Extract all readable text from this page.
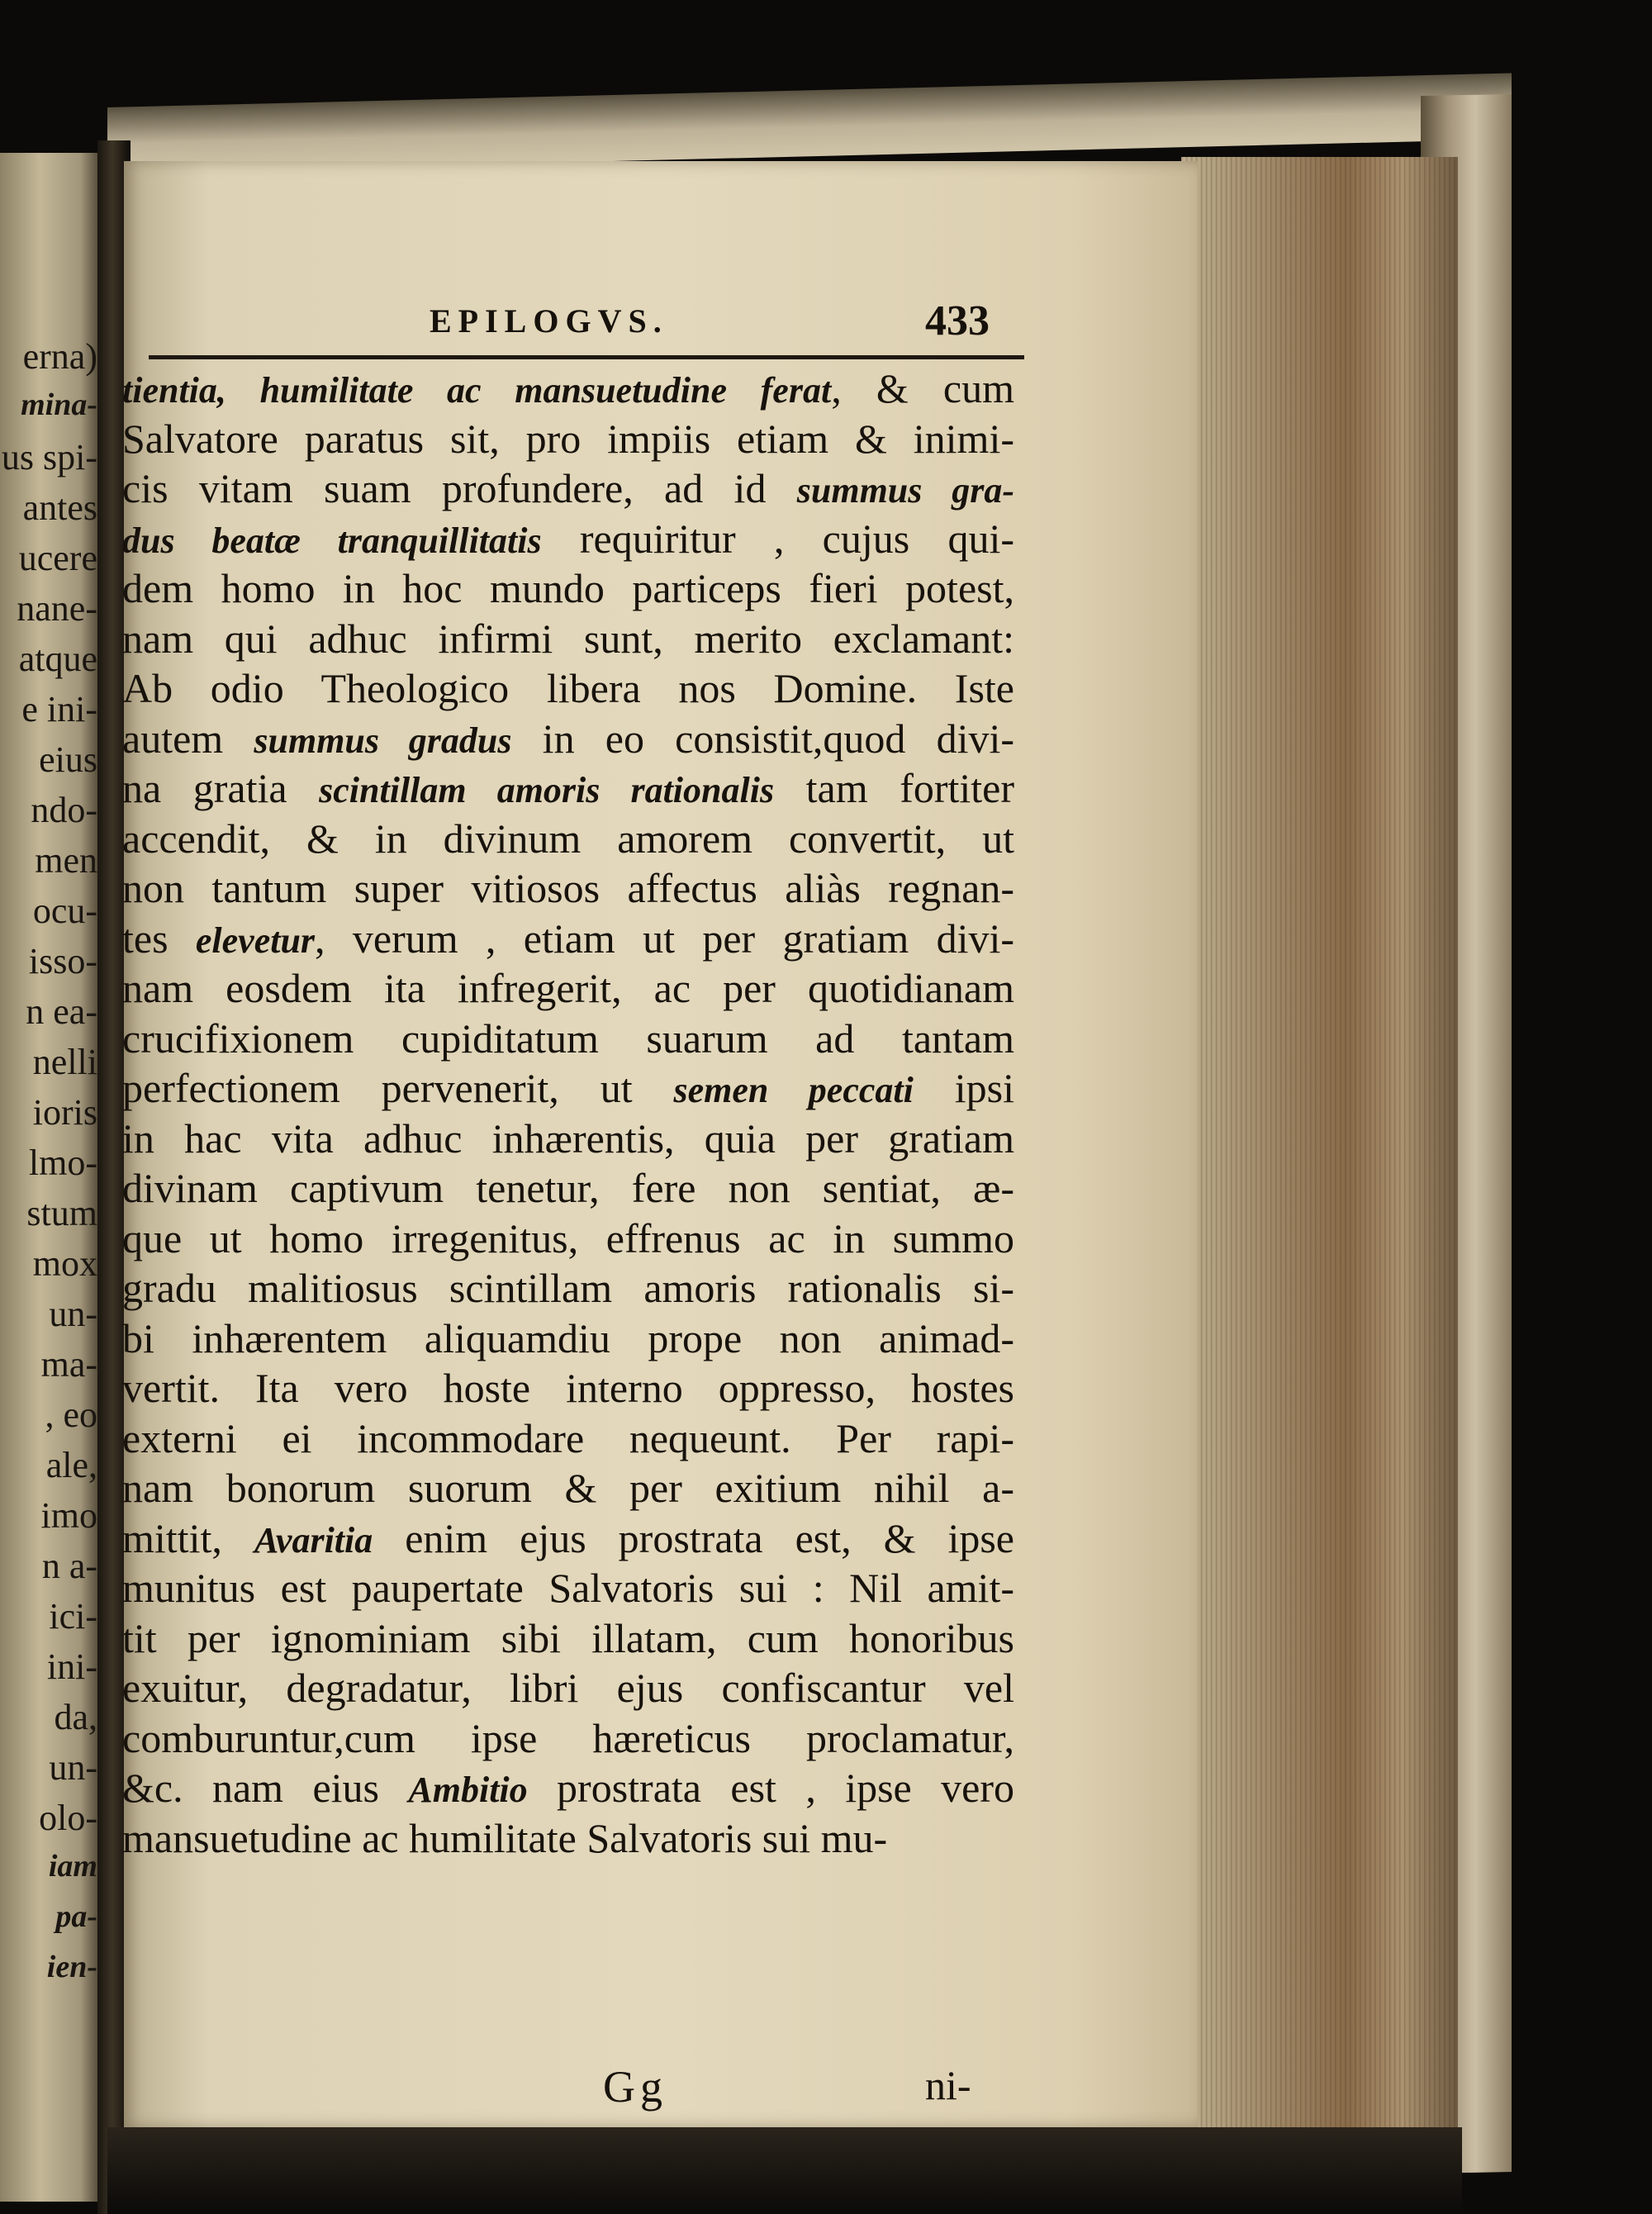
erna)
mina-
us spi-
antes
ucere
nane-
atque
e ini-
eius
ndo-
men
ocu-
isso-
n ea-
nelli
ioris
lmo-
stum
mox
un-
ma-
, eo
ale,
imo
n a-
ici-
ini-
da,
un-
olo-
iam
pa-
ien-
EPILOGVS.	433
tientia, humilitate ac mansuetudine ferat, & cum
Salvatore paratus sit, pro impiis etiam & inimi-
cis vitam suam profundere, ad id summus gra-
dus beatæ tranquillitatis requiritur , cujus qui-
dem homo in hoc mundo particeps fieri potest,
nam qui adhuc infirmi sunt, merito exclamant:
Ab odio Theologico libera nos Domine. Iste
autem summus gradus in eo consistit,quod divi-
na gratia scintillam amoris rationalis tam fortiter
accendit, & in divinum amorem convertit, ut
non tantum super vitiosos affectus aliàs regnan-
tes elevetur, verum , etiam ut per gratiam divi-
nam eosdem ita infregerit, ac per quotidianam
crucifixionem cupiditatum suarum ad tantam
perfectionem pervenerit, ut semen peccati ipsi
in hac vita adhuc inhærentis, quia per gratiam
divinam captivum tenetur, fere non sentiat, æ-
que ut homo irregenitus, effrenus ac in summo
gradu malitiosus scintillam amoris rationalis si-
bi inhærentem aliquamdiu prope non animad-
vertit. Ita vero hoste interno oppresso, hostes
externi ei incommodare nequeunt. Per rapi-
nam bonorum suorum & per exitium nihil a-
mittit, Avaritia enim ejus prostrata est, & ipse
munitus est paupertate Salvatoris sui : Nil amit-
tit per ignominiam sibi illatam, cum honoribus
exuitur, degradatur, libri ejus confiscantur vel
comburuntur,cum ipse hæreticus proclamatur,
&c. nam eius Ambitio prostrata est , ipse vero
mansuetudine ac humilitate Salvatoris sui mu-
Gg	ni-
